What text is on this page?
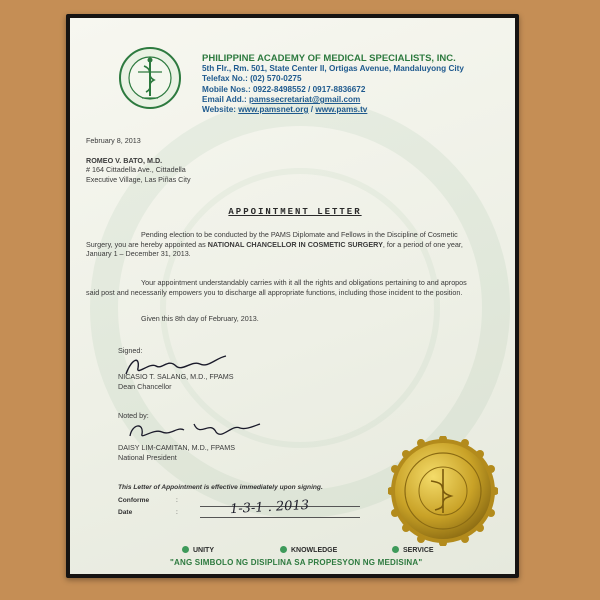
PHILIPPINE ACADEMY OF MEDICAL SPECIALISTS, INC.
5th Flr., Rm. 501, State Center II, Ortigas Avenue, Mandaluyong City
Telefax No.: (02) 570-0275
Mobile Nos.: 0922-8498552 / 0917-8836672
Email Add.: pamssecretariat@gmail.com
Website: www.pamsnet.org / www.pams.tv
February 8, 2013
ROMEO V. BATO, M.D.
# 164 Cittadella Ave., Cittadella
Executive Village, Las Piñas City
APPOINTMENT LETTER
Pending election to be conducted by the PAMS Diplomate and Fellows in the Discipline of Cosmetic Surgery, you are hereby appointed as NATIONAL CHANCELLOR IN COSMETIC SURGERY, for a period of one year, January 1 – December 31, 2013.
Your appointment understandably carries with it all the rights and obligations pertaining to and apropos said post and necessarily empowers you to discharge all appropriate functions, including those incident to the position.
Given this 8th day of February, 2013.
Signed:
NICASIO T. SALANG, M.D., FPAMS
Dean Chancellor
Noted by:
DAISY LIM-CAMITAN, M.D., FPAMS
National President
This Letter of Appointment is effective immediately upon signing.
Conforme	:
Date	:	1-3-1 . 2013
UNITY	KNOWLEDGE	SERVICE
"ANG SIMBOLO NG DISIPLINA SA PROPESYON NG MEDISINA"
